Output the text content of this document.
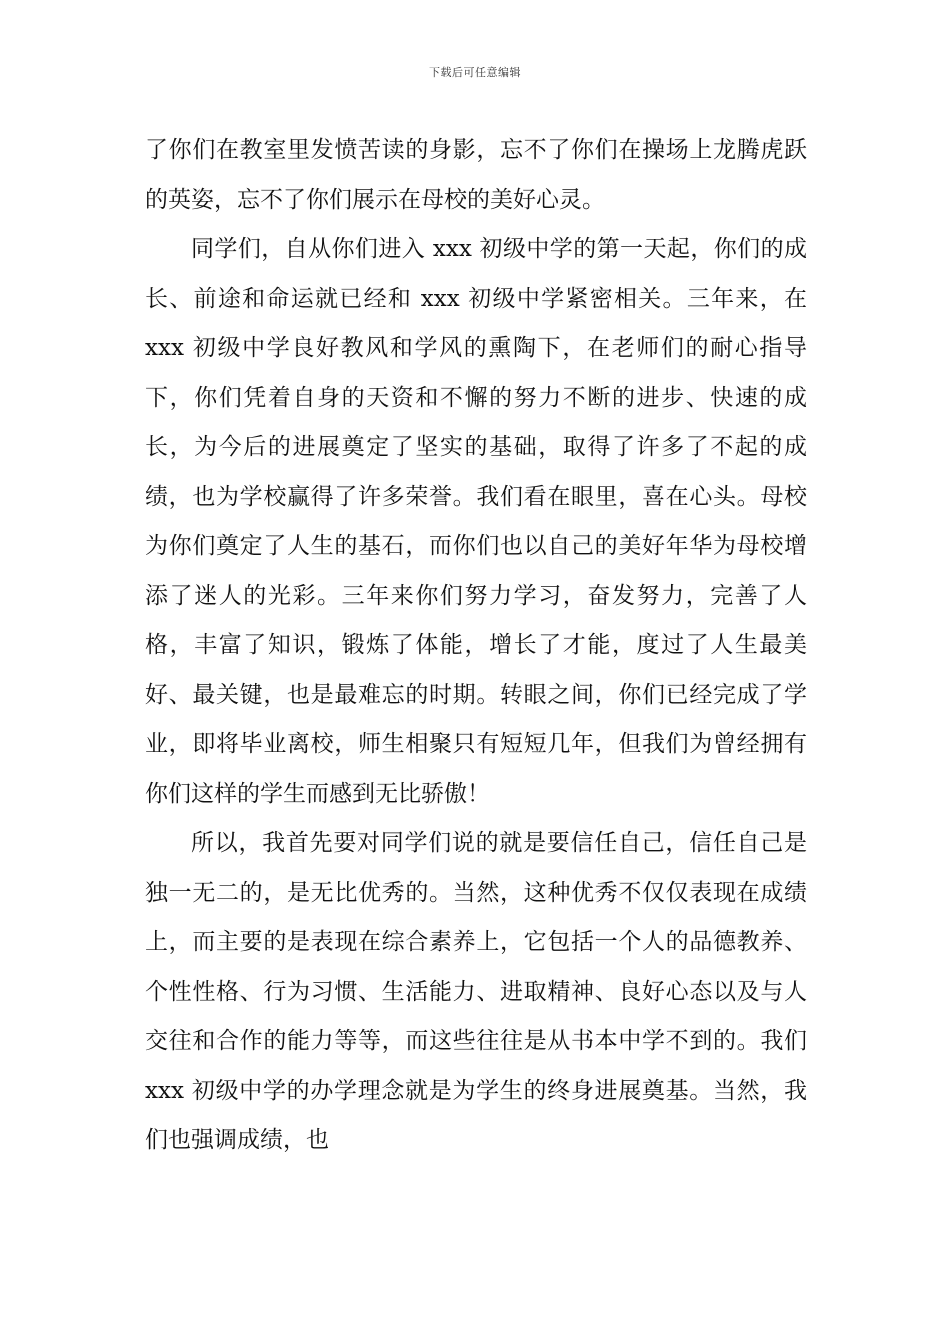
下载后可任意编辑

了你们在教室里发愤苦读的身影，忘不了你们在操场上龙腾虎跃的英姿，忘不了你们展示在母校的美好心灵。

同学们，自从你们进入 xxx 初级中学的第一天起，你们的成长、前途和命运就已经和 xxx 初级中学紧密相关。三年来，在 xxx 初级中学良好教风和学风的熏陶下，在老师们的耐心指导下，你们凭着自身的天资和不懈的努力不断的进步、快速的成长，为今后的进展奠定了坚实的基础，取得了许多了不起的成绩，也为学校赢得了许多荣誉。我们看在眼里，喜在心头。母校为你们奠定了人生的基石，而你们也以自己的美好年华为母校增添了迷人的光彩。三年来你们努力学习，奋发努力，完善了人格，丰富了知识，锻炼了体能，增长了才能，度过了人生最美好、最关键，也是最难忘的时期。转眼之间，你们已经完成了学业，即将毕业离校，师生相聚只有短短几年，但我们为曾经拥有你们这样的学生而感到无比骄傲！

所以，我首先要对同学们说的就是要信任自己，信任自己是独一无二的，是无比优秀的。当然，这种优秀不仅仅表现在成绩上，而主要的是表现在综合素养上，它包括一个人的品德教养、个性性格、行为习惯、生活能力、进取精神、良好心态以及与人交往和合作的能力等等，而这些往往是从书本中学不到的。我们 xxx 初级中学的办学理念就是为学生的终身进展奠基。当然，我们也强调成绩，也
